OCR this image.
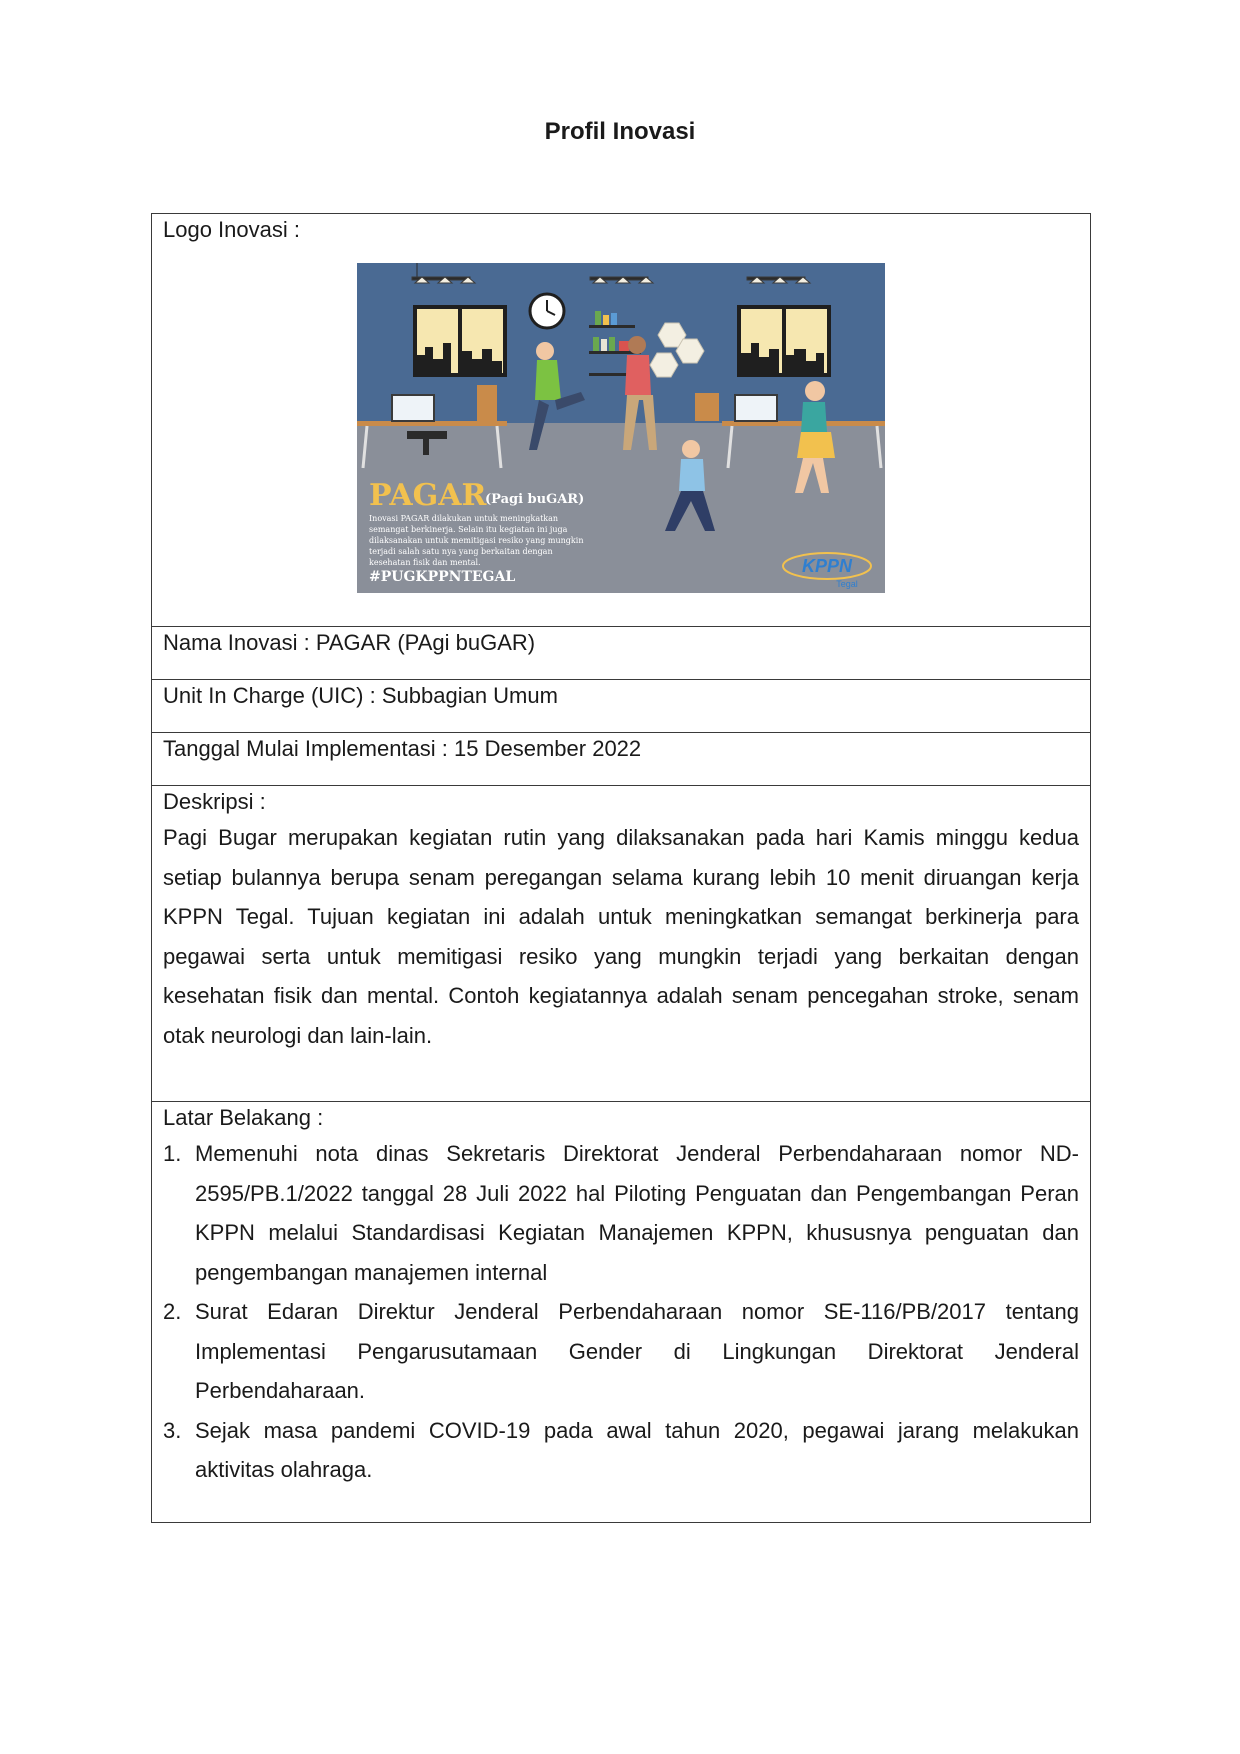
Profil Inovasi
Logo Inovasi :
PAGAR
(Pagi buGAR)
Inovasi PAGAR dilakukan untuk meningkatkan
semangat berkinerja. Selain itu kegiatan ini juga
dilaksanakan untuk memitigasi resiko yang mungkin
terjadi salah satu nya yang berkaitan dengan
kesehatan fisik dan mental.
#PUGKPPNTEGAL
KPPN
Tegal

Nama Inovasi : PAGAR (PAgi buGAR)
Unit In Charge (UIC) : Subbagian Umum
Tanggal Mulai Implementasi : 15 Desember 2022

Deskripsi :

Pagi Bugar merupakan kegiatan rutin yang dilaksanakan pada hari Kamis minggu kedua setiap bulannya berupa senam peregangan selama kurang lebih 10 menit diruangan kerja KPPN Tegal. Tujuan kegiatan ini adalah untuk meningkatkan semangat berkinerja para pegawai serta untuk memitigasi resiko yang mungkin terjadi yang berkaitan dengan kesehatan fisik dan mental. Contoh kegiatannya adalah senam pencegahan stroke, senam otak neurologi dan lain-lain.

Latar Belakang :
1. Memenuhi nota dinas Sekretaris Direktorat Jenderal Perbendaharaan nomor ND-2595/PB.1/2022 tanggal 28 Juli 2022 hal Piloting Penguatan dan Pengembangan Peran KPPN melalui Standardisasi Kegiatan Manajemen KPPN, khususnya penguatan dan pengembangan manajemen internal
2. Surat Edaran Direktur Jenderal Perbendaharaan nomor SE-116/PB/2017 tentang Implementasi Pengarusutamaan Gender di Lingkungan Direktorat Jenderal Perbendaharaan.
3. Sejak masa pandemi COVID-19 pada awal tahun 2020, pegawai jarang melakukan aktivitas olahraga.
